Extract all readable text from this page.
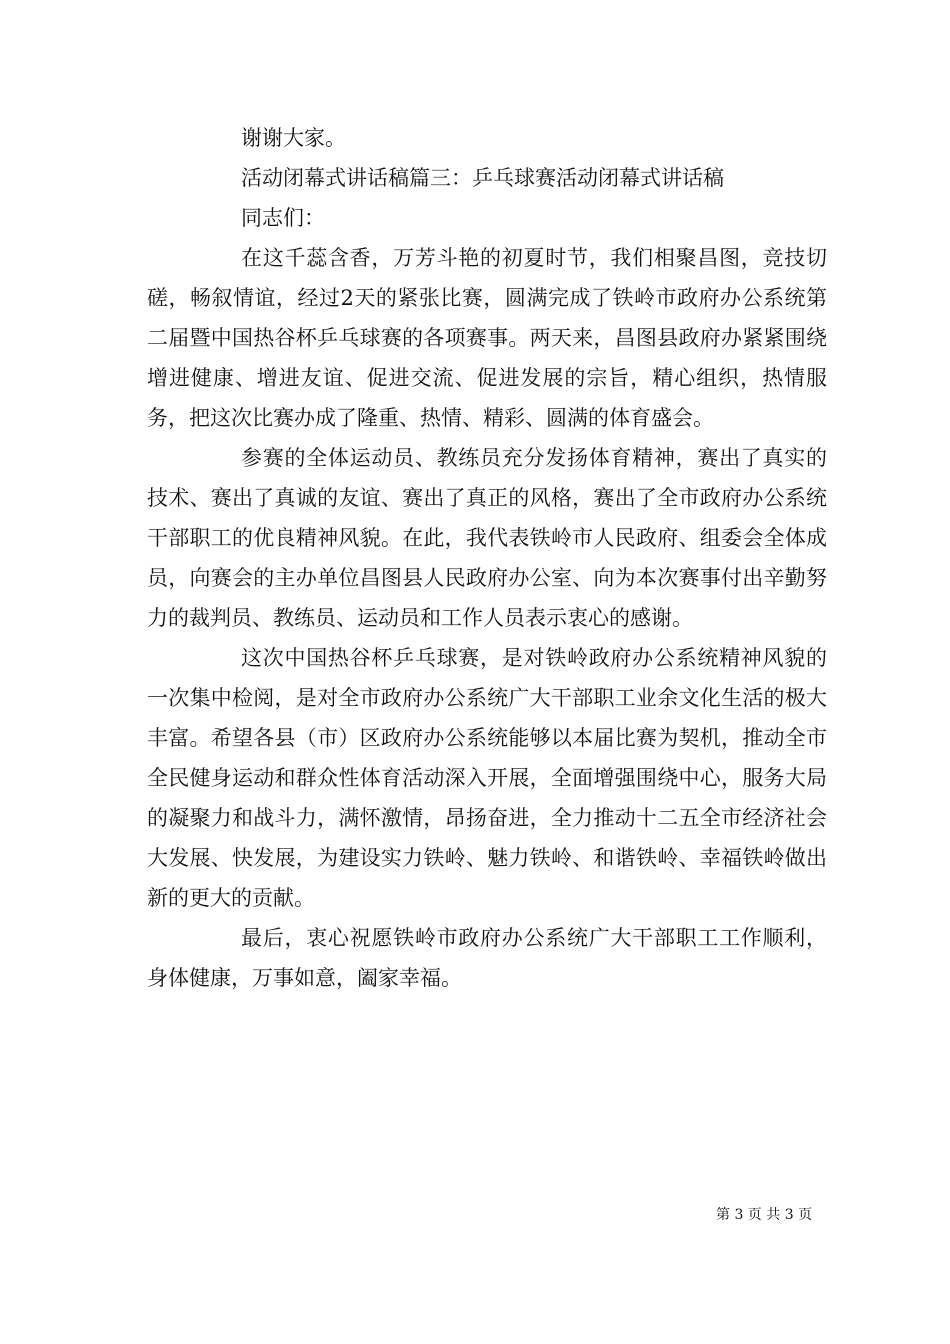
谢谢大家。

活动闭幕式讲话稿篇三：乒乓球赛活动闭幕式讲话稿

同志们：

在这千蕊含香，万芳斗艳的初夏时节，我们相聚昌图，竞技切磋，畅叙情谊，经过2天的紧张比赛，圆满完成了铁岭市政府办公系统第二届暨中国热谷杯乒乓球赛的各项赛事。两天来，昌图县政府办紧紧围绕增进健康、增进友谊、促进交流、促进发展的宗旨，精心组织，热情服务，把这次比赛办成了隆重、热情、精彩、圆满的体育盛会。

参赛的全体运动员、教练员充分发扬体育精神，赛出了真实的技术、赛出了真诚的友谊、赛出了真正的风格，赛出了全市政府办公系统干部职工的优良精神风貌。在此，我代表铁岭市人民政府、组委会全体成员，向赛会的主办单位昌图县人民政府办公室、向为本次赛事付出辛勤努力的裁判员、教练员、运动员和工作人员表示衷心的感谢。

这次中国热谷杯乒乓球赛，是对铁岭政府办公系统精神风貌的一次集中检阅，是对全市政府办公系统广大干部职工业余文化生活的极大丰富。希望各县（市）区政府办公系统能够以本届比赛为契机，推动全市全民健身运动和群众性体育活动深入开展，全面增强围绕中心，服务大局的凝聚力和战斗力，满怀激情，昂扬奋进，全力推动十二五全市经济社会大发展、快发展，为建设实力铁岭、魅力铁岭、和谐铁岭、幸福铁岭做出新的更大的贡献。

最后，衷心祝愿铁岭市政府办公系统广大干部职工工作顺利，身体健康，万事如意，阖家幸福。

第 3 页 共 3 页
